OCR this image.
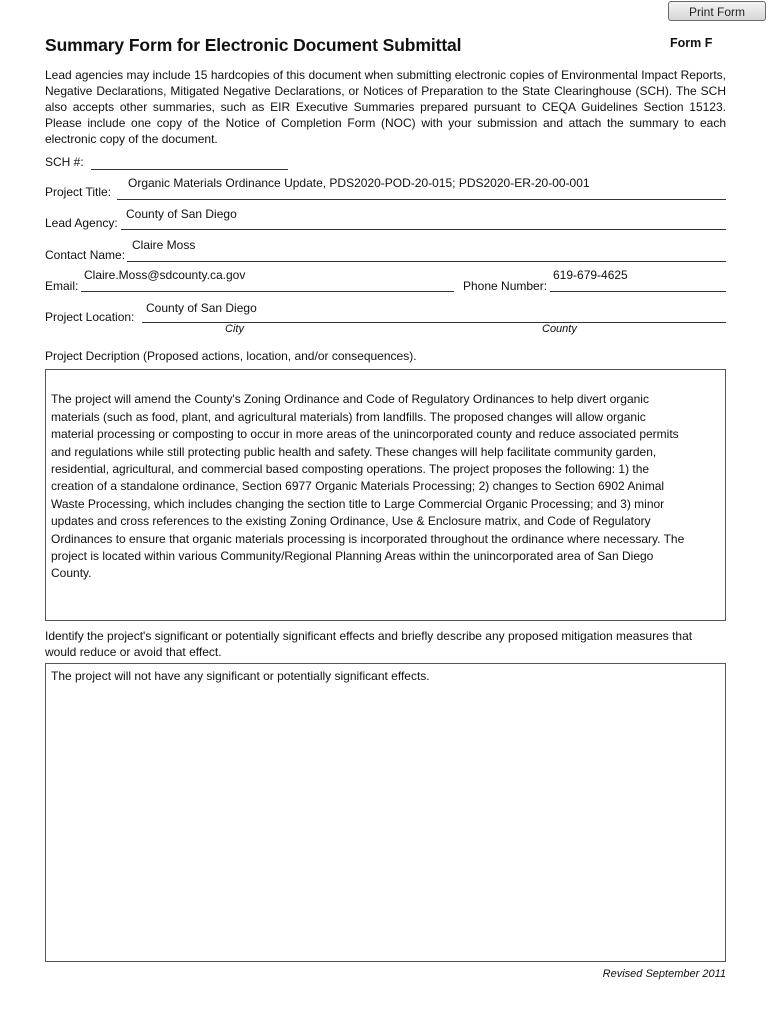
Print Form
Summary Form for Electronic Document Submittal	Form F

Lead agencies may include 15 hardcopies of this document when submitting electronic copies of Environmental Impact Reports, Negative Declarations, Mitigated Negative Declarations, or Notices of Preparation to the State Clearinghouse (SCH). The SCH also accepts other summaries, such as EIR Executive Summaries prepared pursuant to CEQA Guidelines Section 15123. Please include one copy of the Notice of Completion Form (NOC) with your submission and attach the summary to each electronic copy of the document.

SCH #:
Project Title:
Organic Materials Ordinance Update, PDS2020-POD-20-015; PDS2020-ER-20-00-001
Lead Agency:
County of San Diego
Contact Name:
Claire Moss
Email:
Claire.Moss@sdcounty.ca.gov
Phone Number:
619-679-4625
Project Location:
County of San Diego
City	County
Project Decription (Proposed actions, location, and/or consequences).

The project will amend the County's Zoning Ordinance and Code of Regulatory Ordinances to help divert organic
materials (such as food, plant, and agricultural materials) from landfills. The proposed changes will allow organic
material processing or composting to occur in more areas of the unincorporated county and reduce associated permits
and regulations while still protecting public health and safety. These changes will help facilitate community garden,
residential, agricultural, and commercial based composting operations. The project proposes the following: 1) the
creation of a standalone ordinance, Section 6977 Organic Materials Processing; 2) changes to Section 6902 Animal
Waste Processing, which includes changing the section title to Large Commercial Organic Processing; and 3) minor
updates and cross references to the existing Zoning Ordinance, Use & Enclosure matrix, and Code of Regulatory
Ordinances to ensure that organic materials processing is incorporated throughout the ordinance where necessary. The
project is located within various Community/Regional Planning Areas within the unincorporated area of San Diego
County.

Identify the project's significant or potentially significant effects and briefly describe any proposed mitigation measures that would reduce or avoid that effect.
The project will not have any significant or potentially significant effects.
Revised September 2011
